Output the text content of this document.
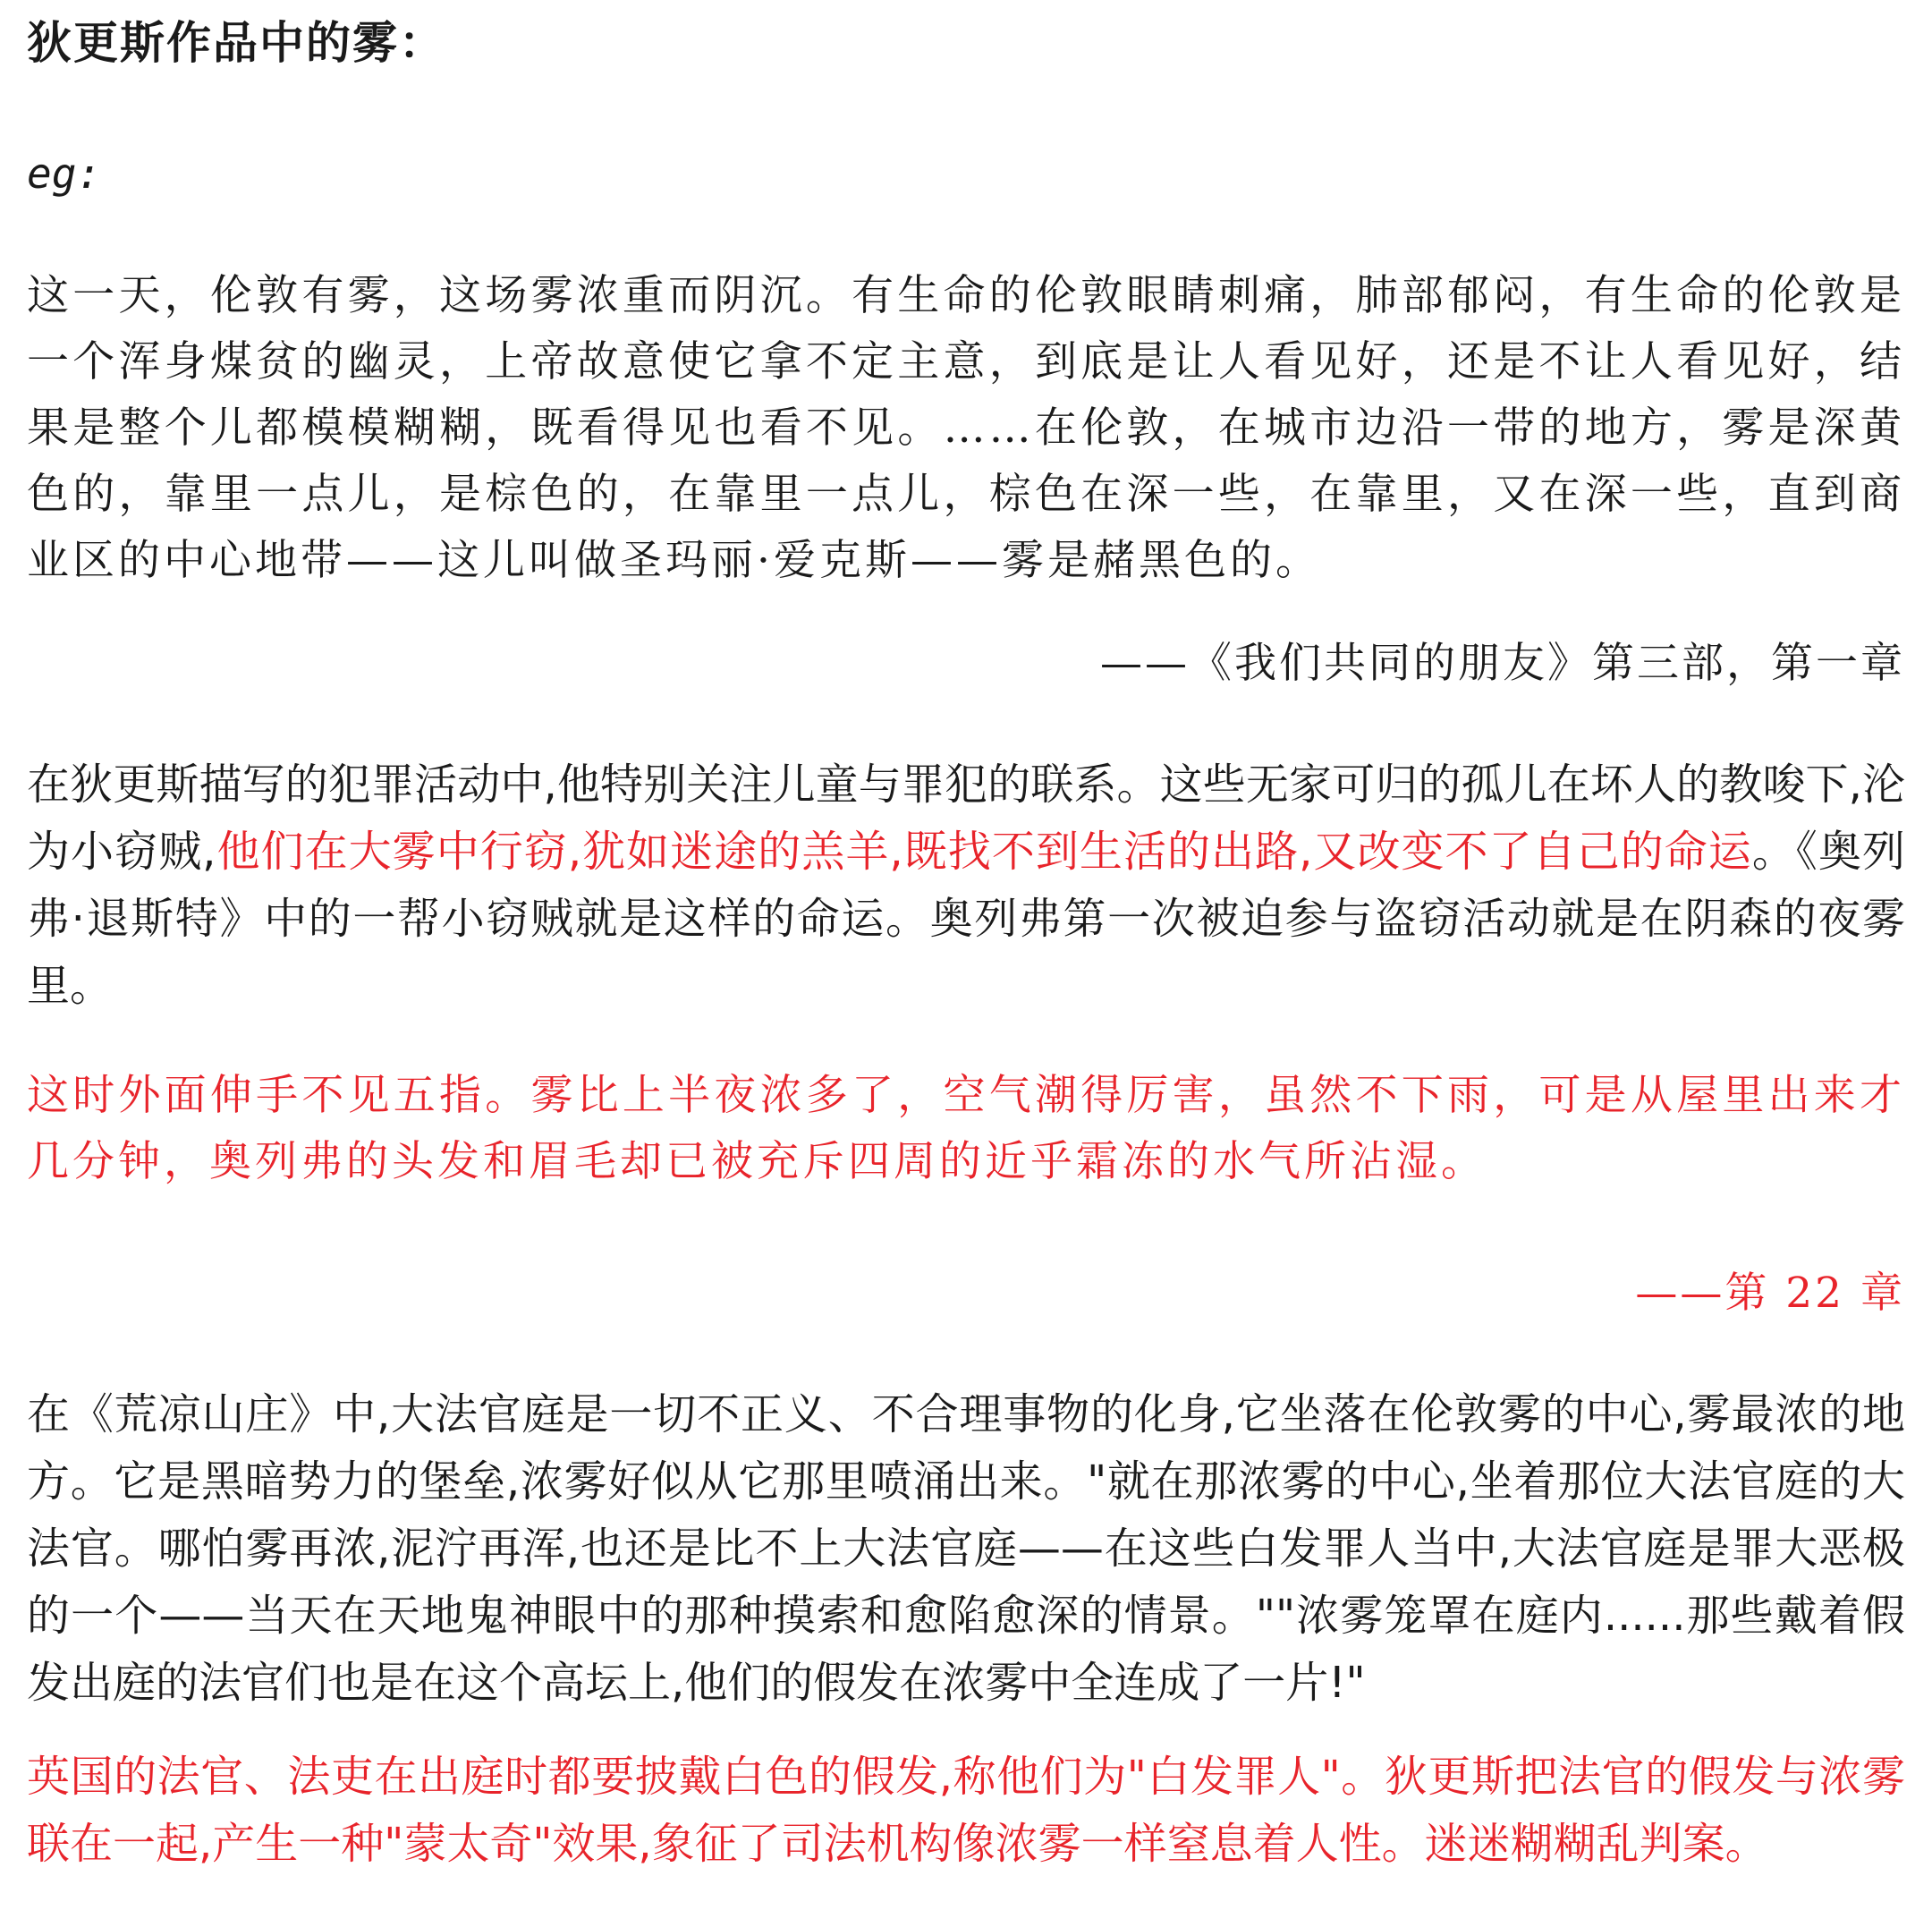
狄更斯作品中的雾：
eg:

这一天，伦敦有雾，这场雾浓重而阴沉。有生命的伦敦眼睛刺痛，肺部郁闷，有生命的伦敦是一个浑身煤贫的幽灵，上帝故意使它拿不定主意，到底是让人看见好，还是不让人看见好，结果是整个儿都模模糊糊，既看得见也看不见。……在伦敦，在城市边沿一带的地方，雾是深黄色的，靠里一点儿，是棕色的，在靠里一点儿，棕色在深一些，在靠里，又在深一些，直到商业区的中心地带——这儿叫做圣玛丽·爱克斯——雾是赭黑色的。

——《我们共同的朋友》第三部，第一章

在狄更斯描写的犯罪活动中,他特别关注儿童与罪犯的联系。这些无家可归的孤儿在坏人的教唆下,沦为小窃贼,他们在大雾中行窃,犹如迷途的羔羊,既找不到生活的出路,又改变不了自己的命运。《奥列弗·退斯特》中的一帮小窃贼就是这样的命运。奥列弗第一次被迫参与盗窃活动就是在阴森的夜雾里。

这时外面伸手不见五指。雾比上半夜浓多了，空气潮得厉害，虽然不下雨，可是从屋里出来才几分钟，奥列弗的头发和眉毛却已被充斥四周的近乎霜冻的水气所沾湿。

——第 22 章

在《荒凉山庄》中,大法官庭是一切不正义、不合理事物的化身,它坐落在伦敦雾的中心,雾最浓的地方。它是黑暗势力的堡垒,浓雾好似从它那里喷涌出来。"就在那浓雾的中心,坐着那位大法官庭的大法官。哪怕雾再浓,泥泞再浑,也还是比不上大法官庭——在这些白发罪人当中,大法官庭是罪大恶极的一个——当天在天地鬼神眼中的那种摸索和愈陷愈深的情景。""浓雾笼罩在庭内......那些戴着假发出庭的法官们也是在这个高坛上,他们的假发在浓雾中全连成了一片!"

英国的法官、法吏在出庭时都要披戴白色的假发,称他们为"白发罪人"。狄更斯把法官的假发与浓雾联在一起,产生一种"蒙太奇"效果,象征了司法机构像浓雾一样窒息着人性。迷迷糊糊乱判案。
